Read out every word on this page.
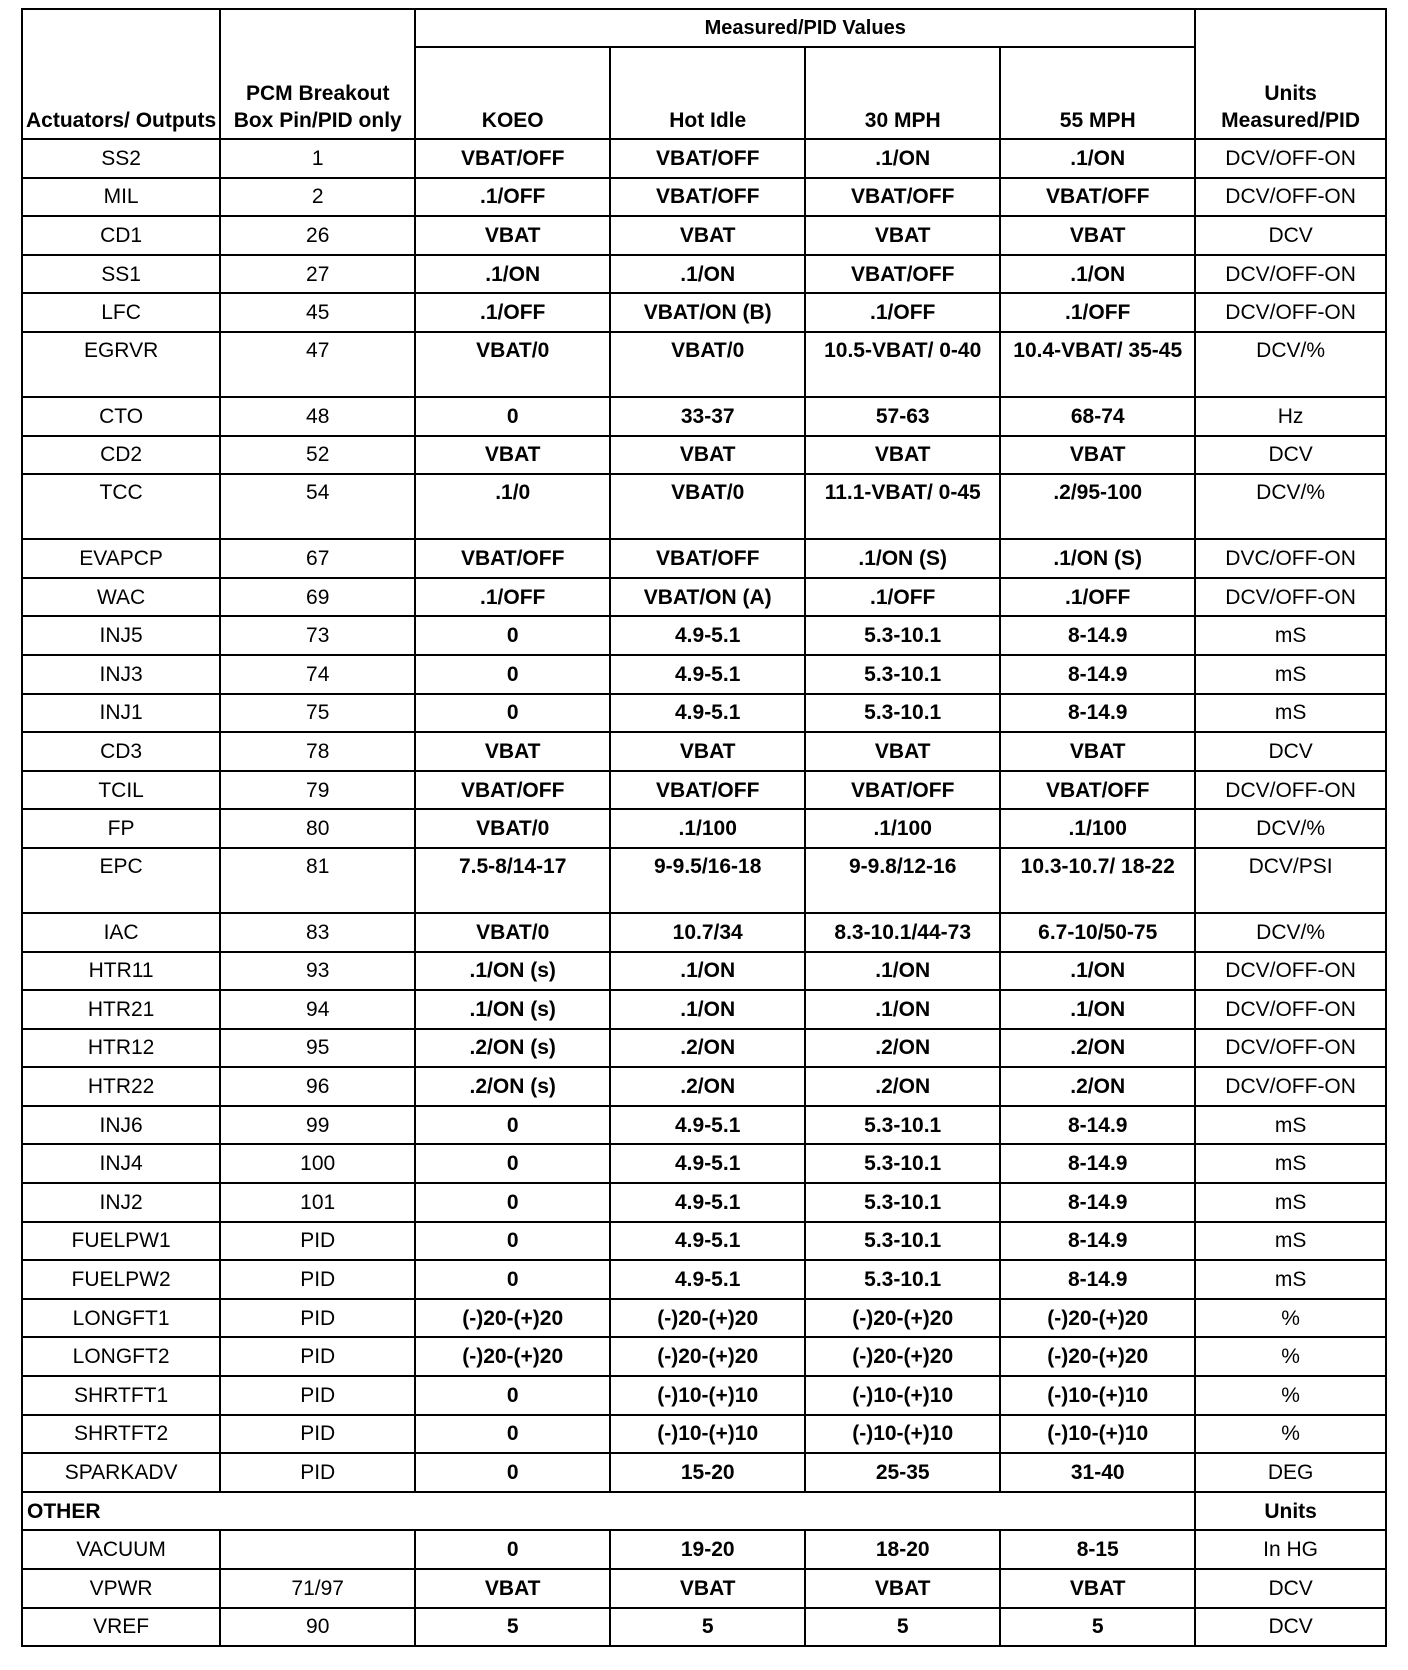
Actuators/ Outputs	PCM Breakout Box Pin/PID only	Measured/PID Values				Units Measured/PID
		KOEO	Hot Idle	30 MPH	55 MPH	
SS2	1	VBAT/OFF	VBAT/OFF	.1/ON	.1/ON	DCV/OFF-ON
MIL	2	.1/OFF	VBAT/OFF	VBAT/OFF	VBAT/OFF	DCV/OFF-ON
CD1	26	VBAT	VBAT	VBAT	VBAT	DCV
SS1	27	.1/ON	.1/ON	VBAT/OFF	.1/ON	DCV/OFF-ON
LFC	45	.1/OFF	VBAT/ON (B)	.1/OFF	.1/OFF	DCV/OFF-ON
EGRVR	47	VBAT/0	VBAT/0	10.5-VBAT/ 0-40	10.4-VBAT/ 35-45	DCV/%
CTO	48	0	33-37	57-63	68-74	Hz
CD2	52	VBAT	VBAT	VBAT	VBAT	DCV
TCC	54	.1/0	VBAT/0	11.1-VBAT/ 0-45	.2/95-100	DCV/%
EVAPCP	67	VBAT/OFF	VBAT/OFF	.1/ON (S)	.1/ON (S)	DVC/OFF-ON
WAC	69	.1/OFF	VBAT/ON (A)	.1/OFF	.1/OFF	DCV/OFF-ON
INJ5	73	0	4.9-5.1	5.3-10.1	8-14.9	mS
INJ3	74	0	4.9-5.1	5.3-10.1	8-14.9	mS
INJ1	75	0	4.9-5.1	5.3-10.1	8-14.9	mS
CD3	78	VBAT	VBAT	VBAT	VBAT	DCV
TCIL	79	VBAT/OFF	VBAT/OFF	VBAT/OFF	VBAT/OFF	DCV/OFF-ON
FP	80	VBAT/0	.1/100	.1/100	.1/100	DCV/%
EPC	81	7.5-8/14-17	9-9.5/16-18	9-9.8/12-16	10.3-10.7/ 18-22	DCV/PSI
IAC	83	VBAT/0	10.7/34	8.3-10.1/44-73	6.7-10/50-75	DCV/%
HTR11	93	.1/ON (s)	.1/ON	.1/ON	.1/ON	DCV/OFF-ON
HTR21	94	.1/ON (s)	.1/ON	.1/ON	.1/ON	DCV/OFF-ON
HTR12	95	.2/ON (s)	.2/ON	.2/ON	.2/ON	DCV/OFF-ON
HTR22	96	.2/ON (s)	.2/ON	.2/ON	.2/ON	DCV/OFF-ON
INJ6	99	0	4.9-5.1	5.3-10.1	8-14.9	mS
INJ4	100	0	4.9-5.1	5.3-10.1	8-14.9	mS
INJ2	101	0	4.9-5.1	5.3-10.1	8-14.9	mS
FUELPW1	PID	0	4.9-5.1	5.3-10.1	8-14.9	mS
FUELPW2	PID	0	4.9-5.1	5.3-10.1	8-14.9	mS
LONGFT1	PID	(-)20-(+)20	(-)20-(+)20	(-)20-(+)20	(-)20-(+)20	%
LONGFT2	PID	(-)20-(+)20	(-)20-(+)20	(-)20-(+)20	(-)20-(+)20	%
SHRTFT1	PID	0	(-)10-(+)10	(-)10-(+)10	(-)10-(+)10	%
SHRTFT2	PID	0	(-)10-(+)10	(-)10-(+)10	(-)10-(+)10	%
SPARKADV	PID	0	15-20	25-35	31-40	DEG
OTHER						Units
VACUUM		0	19-20	18-20	8-15	In HG
VPWR	71/97	VBAT	VBAT	VBAT	VBAT	DCV
VREF	90	5	5	5	5	DCV
